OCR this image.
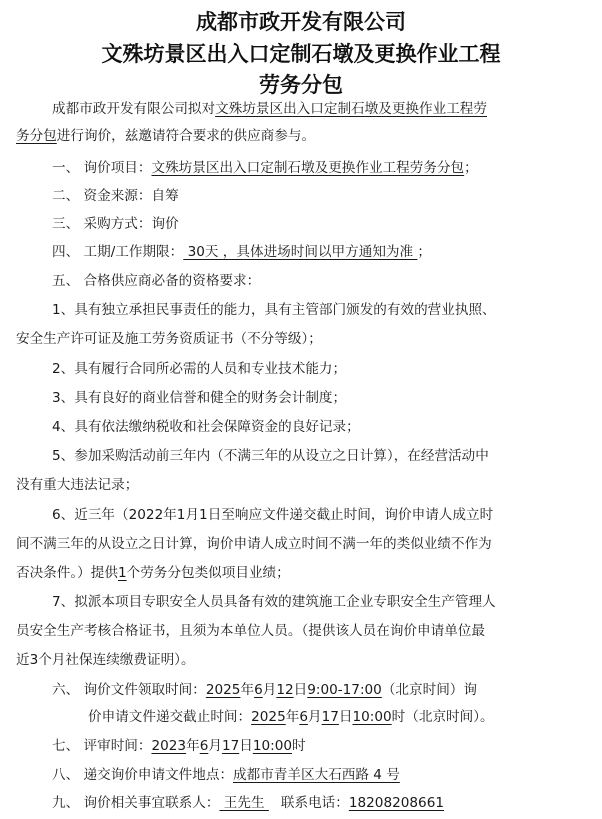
成都市政开发有限公司
文殊坊景区出入口定制石墩及更换作业工程
劳务分包
成都市政开发有限公司拟对文殊坊景区出入口定制石墩及更换作业工程劳
务分包进行询价，兹邀请符合要求的供应商参与。
一、 询价项目：文殊坊景区出入口定制石墩及更换作业工程劳务分包；
二、 资金来源：自筹
三、 采购方式：询价
四、 工期/工作期限： 30天 ，具体进场时间以甲方通知为准 ；
五、 合格供应商必备的资格要求：
1、具有独立承担民事责任的能力，具有主管部门颁发的有效的营业执照、
安全生产许可证及施工劳务资质证书（不分等级）；
2、具有履行合同所必需的人员和专业技术能力；
3、具有良好的商业信誉和健全的财务会计制度；
4、具有依法缴纳税收和社会保障资金的良好记录；
5、参加采购活动前三年内（不满三年的从设立之日计算），在经营活动中
没有重大违法记录；
6、近三年（2022年1月1日至响应文件递交截止时间，询价申请人成立时
间不满三年的从设立之日计算，询价申请人成立时间不满一年的类似业绩不作为
否决条件。）提供1个劳务分包类似项目业绩；
7、拟派本项目专职安全人员具备有效的建筑施工企业专职安全生产管理人
员安全生产考核合格证书，且须为本单位人员。（提供该人员在询价申请单位最
近3个月社保连续缴费证明）。
六、 询价文件领取时间：2025年6月12日9:00-17:00（北京时间）询
价申请文件递交截止时间：2025年6月17日10:00时（北京时间）。
七、 评审时间：2023年6月17日10:00时
八、 递交询价申请文件地点：成都市青羊区大石西路 4 号
九、 询价相关事宜联系人： 王先生 联系电话：18208208661
